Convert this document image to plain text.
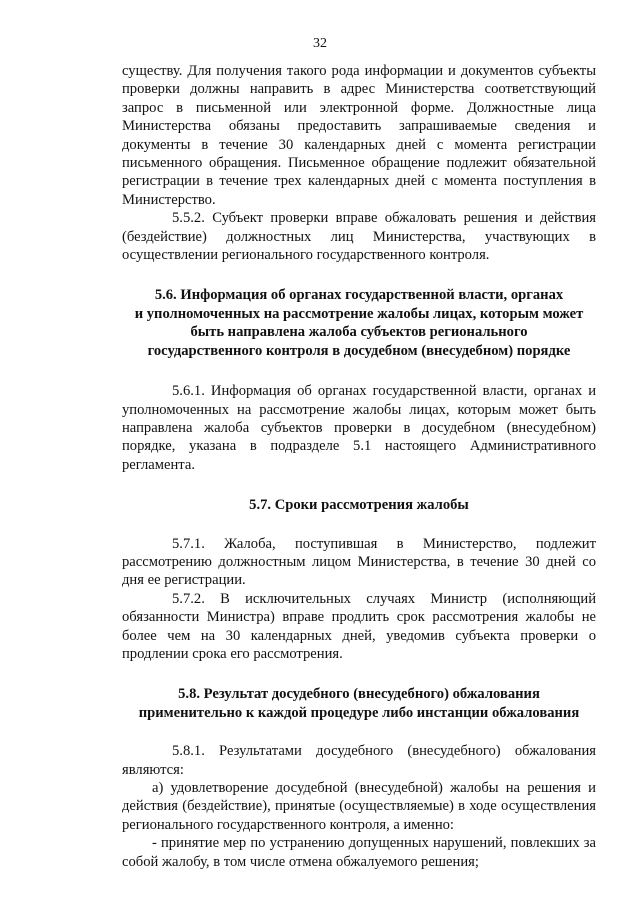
32

существу. Для получения такого рода информации и документов субъекты проверки должны направить в адрес Министерства соответствующий запрос в письменной или электронной форме. Должностные лица Министерства обязаны предоставить запрашиваемые сведения и документы в течение 30 календарных дней с момента регистрации письменного обращения. Письменное обращение подлежит обязательной регистрации в течение трех календарных дней с момента поступления в Министерство.

5.5.2. Субъект проверки вправе обжаловать решения и действия (бездействие) должностных лиц Министерства, участвующих в осуществлении регионального государственного контроля.

5.6. Информация об органах государственной власти, органах
и уполномоченных на рассмотрение жалобы лицах, которым может
быть направлена жалоба субъектов регионального
государственного контроля в досудебном (внесудебном) порядке

5.6.1. Информация об органах государственной власти, органах и уполномоченных на рассмотрение жалобы лицах, которым может быть направлена жалоба субъектов проверки в досудебном (внесудебном) порядке, указана в подразделе 5.1 настоящего Административного регламента.

5.7. Сроки рассмотрения жалобы

5.7.1. Жалоба, поступившая в Министерство, подлежит рассмотрению должностным лицом Министерства, в течение 30 дней со дня ее регистрации.

5.7.2. В исключительных случаях Министр (исполняющий обязанности Министра) вправе продлить срок рассмотрения жалобы не более чем на 30 календарных дней, уведомив субъекта проверки о продлении срока его рассмотрения.

5.8. Результат досудебного (внесудебного) обжалования
применительно к каждой процедуре либо инстанции обжалования

5.8.1. Результатами досудебного (внесудебного) обжалования являются:

а) удовлетворение досудебной (внесудебной) жалобы на решения и действия (бездействие), принятые (осуществляемые) в ходе осуществления регионального государственного контроля, а именно:

- принятие мер по устранению допущенных нарушений, повлекших за собой жалобу, в том числе отмена обжалуемого решения;
